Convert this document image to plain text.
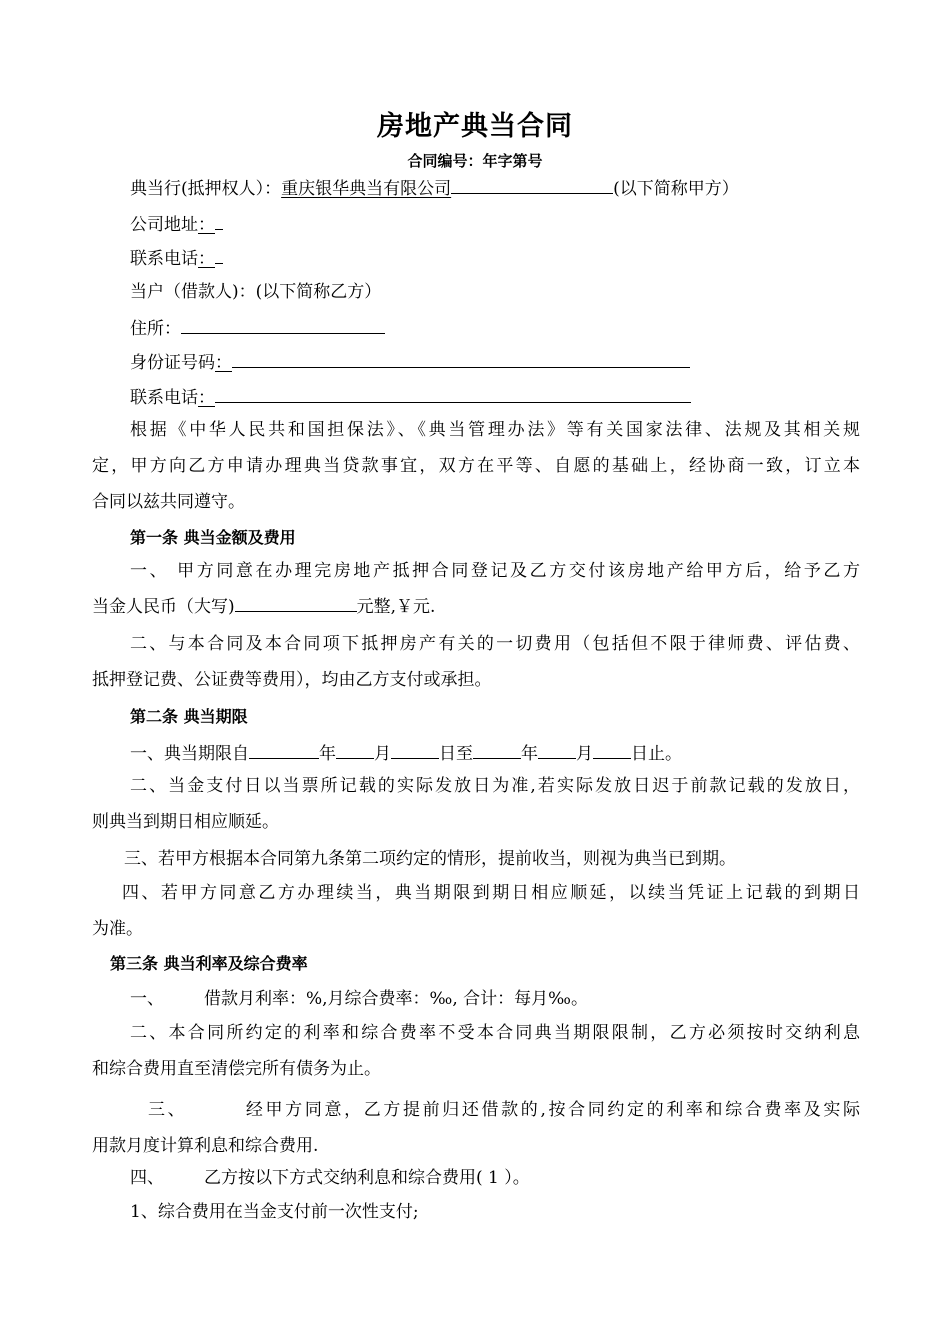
房地产典当合同
合同编号：年字第号
典当行(抵押权人）：重庆银华典当有限公司	(以下简称甲方）
公司地址：
联系电话：
当户（借款人)：(以下简称乙方）
住所：
身份证号码：
联系电话：
根据《中华人民共和国担保法》、《典当管理办法》等有关国家法律、法规及其相关规
定，甲方向乙方申请办理典当贷款事宜，双方在平等、自愿的基础上，经协商一致，订立本
合同以兹共同遵守。
第一条 典当金额及费用
一、 甲方同意在办理完房地产抵押合同登记及乙方交付该房地产给甲方后，给予乙方
当金人民币（大写)	元整,￥元.
二、与本合同及本合同项下抵押房产有关的一切费用（包括但不限于律师费、评估费、
抵押登记费、公证费等费用），均由乙方支付或承担。
第二条 典当期限
一、典当期限自	年 月	日至	年 月 日止。
二、当金支付日以当票所记载的实际发放日为准,若实际发放日迟于前款记载的发放日，
则典当到期日相应顺延。
三、若甲方根据本合同第九条第二项约定的情形，提前收当，则视为典当已到期。
四、若甲方同意乙方办理续当，典当期限到期日相应顺延，以续当凭证上记载的到期日
为准。
第三条 典当利率及综合费率
一、 借款月利率：%,月综合费率：‰, 合计：每月‰。
二、本合同所约定的利率和综合费率不受本合同典当期限限制，乙方必须按时交纳利息
和综合费用直至清偿完所有债务为止。
三、	经甲方同意，乙方提前归还借款的,按合同约定的利率和综合费率及实际
用款月度计算利息和综合费用.
四、 乙方按以下方式交纳利息和综合费用( 1 ）。
1、综合费用在当金支付前一次性支付;
